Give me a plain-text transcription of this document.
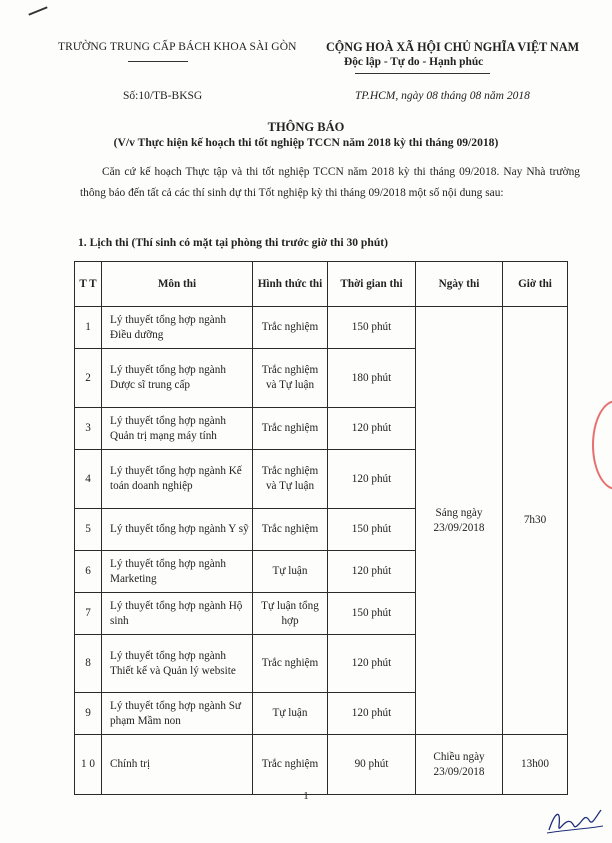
TRƯỜNG TRUNG CẤP BÁCH KHOA SÀI GÒN CỘNG HOÀ XÃ HỘI CHỦ NGHĨA VIỆT NAM
Độc lập - Tự do - Hạnh phúc
Số:10/TB-BKSG	TP.HCM, ngày 08 tháng 08 năm 2018
THÔNG BÁO
(V/v Thực hiện kế hoạch thi tốt nghiệp TCCN năm 2018 kỳ thi tháng 09/2018)
Căn cứ kế hoạch Thực tập và thi tốt nghiệp TCCN năm 2018 kỳ thi tháng 09/2018. Nay Nhà trường thông báo đến tất cả các thí sinh dự thi Tốt nghiệp kỳ thi tháng 09/2018 một số nội dung sau:
1. Lịch thi (Thí sinh có mặt tại phòng thi trước giờ thi 30 phút)
T T	Môn thi	Hình thức thi	Thời gian thi	Ngày thi	Giờ thi
1	Lý thuyết tổng hợp ngành Điều dưỡng	Trắc nghiệm	150 phút	Sáng ngày 23/09/2018	7h30
2	Lý thuyết tổng hợp ngành Dược sĩ trung cấp	Trắc nghiệm và Tự luận	180 phút		
3	Lý thuyết tổng hợp ngành Quản trị mạng máy tính	Trắc nghiệm	120 phút		
4	Lý thuyết tổng hợp ngành Kế toán doanh nghiệp	Trắc nghiệm và Tự luận	120 phút		
5	Lý thuyết tổng hợp ngành Y sỹ	Trắc nghiệm	150 phút		
6	Lý thuyết tổng hợp ngành Marketing	Tự luận	120 phút		
7	Lý thuyết tổng hợp ngành Hộ sinh	Tự luận tổng hợp	150 phút		
8	Lý thuyết tổng hợp ngành Thiết kế và Quản lý website	Trắc nghiệm	120 phút		
9	Lý thuyết tổng hợp ngành Sư phạm Mầm non	Tự luận	120 phút		
1 0	Chính trị	Trắc nghiệm	90 phút	Chiều ngày 23/09/2018	13h00
1
